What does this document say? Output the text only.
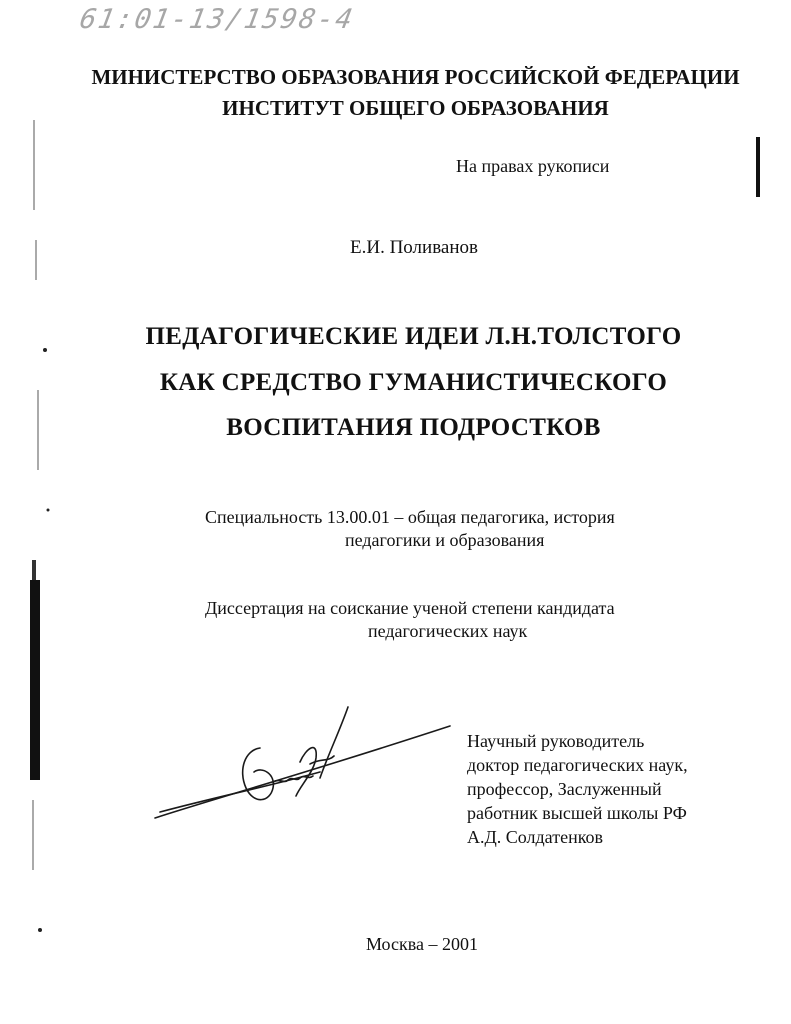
61:01-13/1598-4
МИНИСТЕРСТВО ОБРАЗОВАНИЯ РОССИЙСКОЙ ФЕДЕРАЦИИ
ИНСТИТУТ ОБЩЕГО ОБРАЗОВАНИЯ
На правах рукописи
Е.И. Поливанов
ПЕДАГОГИЧЕСКИЕ ИДЕИ Л.Н.ТОЛСТОГО
КАК СРЕДСТВО ГУМАНИСТИЧЕСКОГО
ВОСПИТАНИЯ ПОДРОСТКОВ
Специальность 13.00.01 – общая педагогика, история
педагогики и образования
Диссертация на соискание ученой степени кандидата
педагогических наук
Научный руководитель
доктор педагогических наук,
профессор, Заслуженный
работник высшей школы РФ
А.Д. Солдатенков
Москва – 2001
